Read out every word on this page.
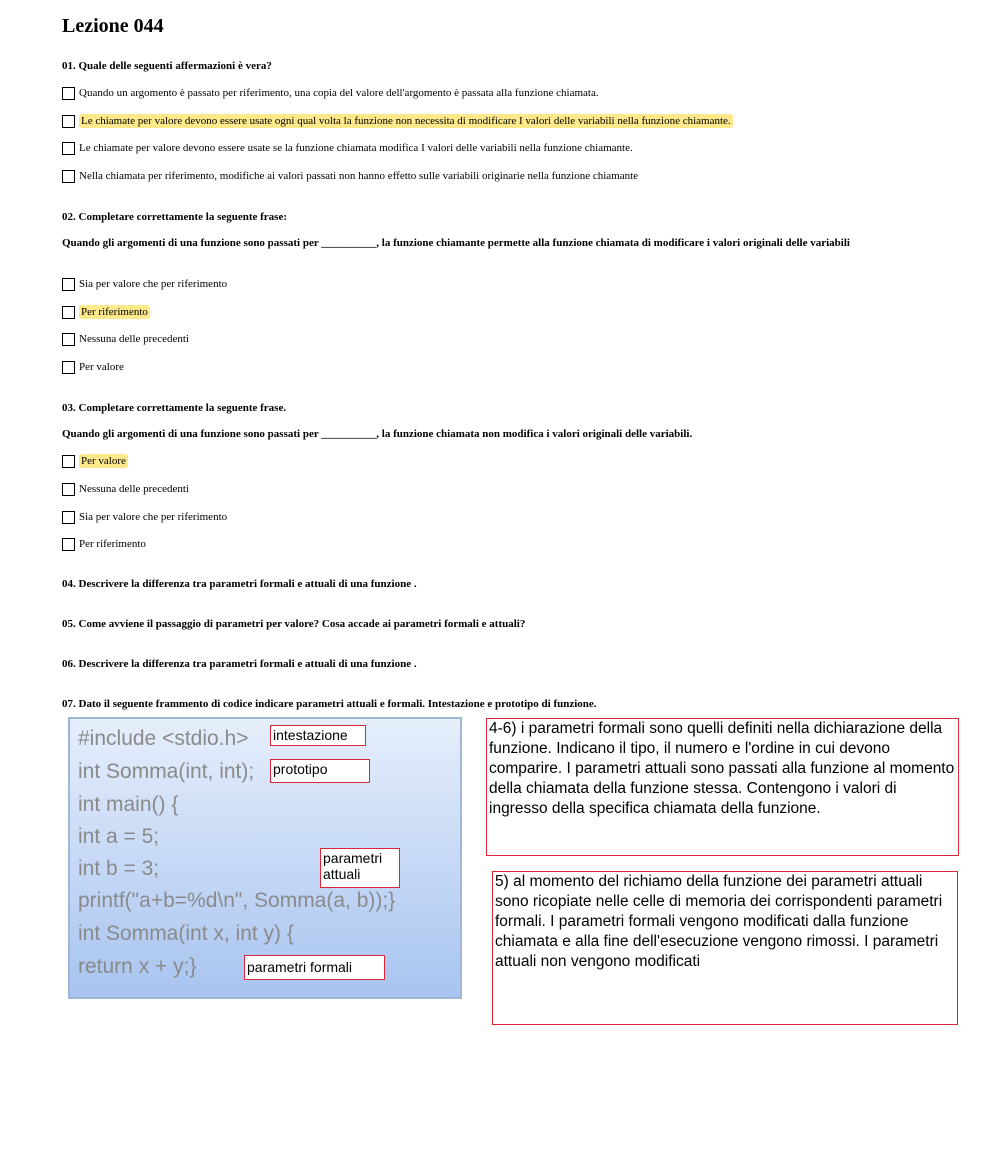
Lezione 044
01. Quale delle seguenti affermazioni è vera?
Quando un argomento è passato per riferimento, una copia del valore dell'argomento è passata alla funzione chiamata.
Le chiamate per valore devono essere usate ogni qual volta la funzione non necessita di modificare I valori delle variabili nella funzione chiamante.
Le chiamate per valore devono essere usate se la funzione chiamata modifica I valori delle variabili nella funzione chiamante.
Nella chiamata per riferimento, modifiche ai valori passati non hanno effetto sulle variabili originarie nella funzione chiamante
02. Completare correttamente la seguente frase:
Quando gli argomenti di una funzione sono passati per __________, la funzione chiamante permette alla funzione chiamata di modificare i valori originali delle variabili
Sia per valore che per riferimento
Per riferimento
Nessuna delle precedenti
Per valore
03. Completare correttamente la seguente frase.
Quando gli argomenti di una funzione sono passati per __________, la funzione chiamata non modifica i valori originali delle variabili.
Per valore
Nessuna delle precedenti
Sia per valore che per riferimento
Per riferimento
04. Descrivere la differenza tra parametri formali e attuali di una funzione .
05. Come avviene il passaggio di parametri per valore? Cosa accade ai parametri formali e attuali?
06. Descrivere la differenza tra parametri formali e attuali di una funzione .
07. Dato il seguente frammento di codice indicare parametri attuali e formali. Intestazione e prototipo di funzione.
#include <stdio.h>
int Somma(int, int);
int main() {
int a = 5;
int b = 3;
printf("a+b=%d\n", Somma(a, b));}
int Somma(int x, int y) {
return x + y;}
intestazione
prototipo
parametri attuali
parametri formali
4-6) i parametri formali sono quelli definiti nella dichiarazione della funzione. Indicano il tipo, il numero e l'ordine in cui devono comparire. I parametri attuali sono passati alla funzione al momento della chiamata della funzione stessa. Contengono i valori di ingresso della specifica chiamata della funzione.
5) al momento del richiamo della funzione dei parametri attuali sono ricopiate nelle celle di memoria dei corrispondenti parametri formali. I parametri formali vengono modificati dalla funzione chiamata e alla fine dell'esecuzione vengono rimossi. I parametri attuali non vengono modificati
